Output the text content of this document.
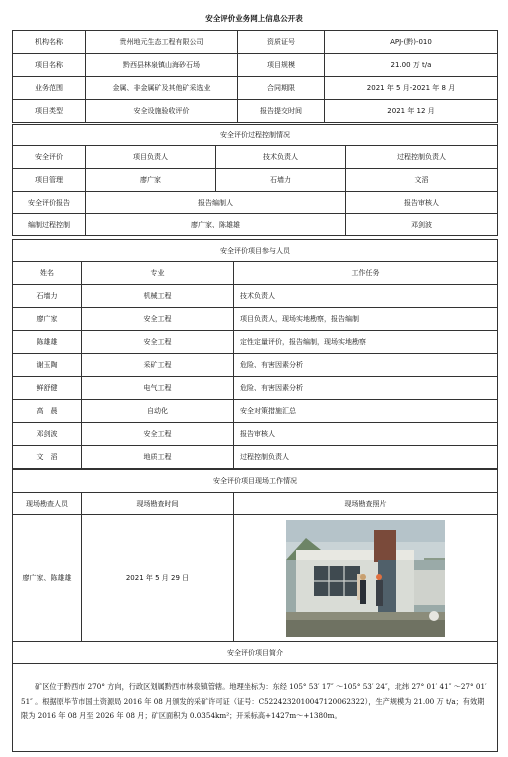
安全评价业务网上信息公开表
机构名称	贵州地元生态工程有限公司	资质证号	APJ-(黔)-010
项目名称	黔西县林泉镇山海砂石场	项目规模	21.00 万 t/a
业务范围	金属、非金属矿及其他矿采选业	合同期限	2021 年 5 月-2021 年 8 月
项目类型	安全设施验收评价	报告提交时间	2021 年 12 月
安全评价过程控制情况			
安全评价	项目负责人	技术负责人	过程控制负责人
项目管理	廖广家	石墙力	文滔
安全评价报告	报告编制人		报告审核人
编制过程控制	廖广家、陈雄雄		邓剑波
安全评价项目参与人员		
姓名	专业	工作任务
石墙力	机械工程	技术负责人
廖广家	安全工程	项目负责人，现场实地勘察，报告编制
陈雄雄	安全工程	定性定量评价，报告编制，现场实地勘察
谢玉陶	采矿工程	危险、有害因素分析
鲜舒健	电气工程	危险、有害因素分析
高　晨	自动化	安全对策措施汇总
邓剑波	安全工程	报告审核人
文　滔	地质工程	过程控制负责人
安全评价项目现场工作情况		
现场勘查人员	现场勘查时间	现场勘查照片
廖广家、陈雄雄	2021 年 5 月 29 日	
安全评价项目简介

矿区位于黔西市 270° 方向，行政区划属黔西市林泉镇管辖。地理坐标为：东经 105° 53′ 17″ ～105° 53′ 24″，北纬 27° 01′ 41″ ～27° 01′ 51″ 。根据原毕节市国土资源局 2016 年 08 月颁发的采矿许可证（证号：C5224232010047120062322），生产规模为 21.00 万 t/a；有效期限为 2016 年 08 月至 2026 年 08 月；矿区面积为 0.0354km²；开采标高+1427m～+1380m。
